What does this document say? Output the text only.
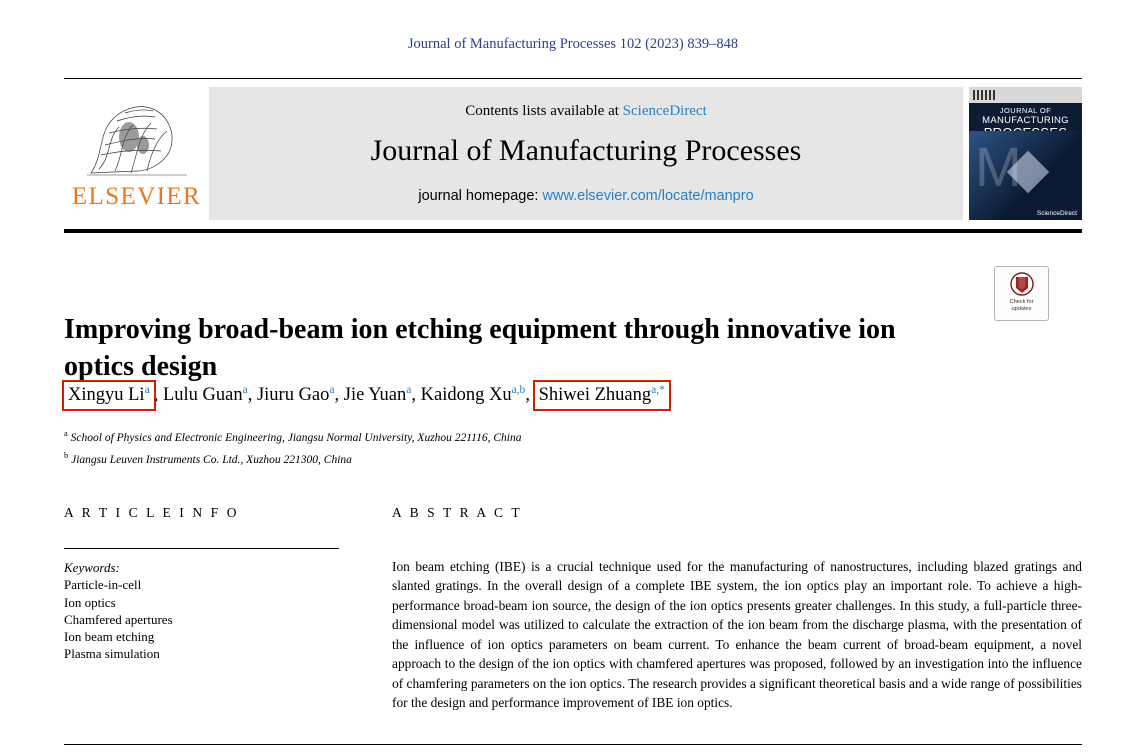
Journal of Manufacturing Processes 102 (2023) 839–848
ELSEVIER
Contents lists available at ScienceDirect
Journal of Manufacturing Processes
journal homepage: www.elsevier.com/locate/manpro
JOURNAL OF
MANUFACTURING
M
ScienceDirect
Check for
updates
Improving broad-beam ion etching equipment through innovative ion optics design
Xingyu Li$^a$ , Lulu Guan$^a$, Jiuru Gao$^a$, Jie Yuan$^a$, Kaidong Xu$^{a,b}$, Shiwei Zhuang$^{a,*}$
$^a$ School of Physics and Electronic Engineering, Jiangsu Normal University, Xuzhou 221116, China
$^b$ Jiangsu Leuven Instruments Co. Ltd., Xuzhou 221300, China
A R T I C L E I N F O
Keywords:
Particle-in-cell
Ion optics
Chamfered apertures
Ion beam etching
Plasma simulation
A B S T R A C T
Ion beam etching (IBE) is a crucial technique used for the manufacturing of nanostructures, including blazed gratings and slanted gratings. In the overall design of a complete IBE system, the ion optics play an important role. To achieve a high-performance broad-beam ion source, the design of the ion optics presents greater challenges. In this study, a full-particle three-dimensional model was utilized to calculate the extraction of the ion beam from the discharge plasma, with the presentation of the influence of ion optics parameters on beam current. To enhance the beam current of broad-beam equipment, a novel approach to the design of the ion optics with chamfered apertures was proposed, followed by an investigation into the influence of chamfering parameters on the ion optics. The research provides a significant theoretical basis and a wide range of possibilities for the design and performance improvement of IBE ion optics.
